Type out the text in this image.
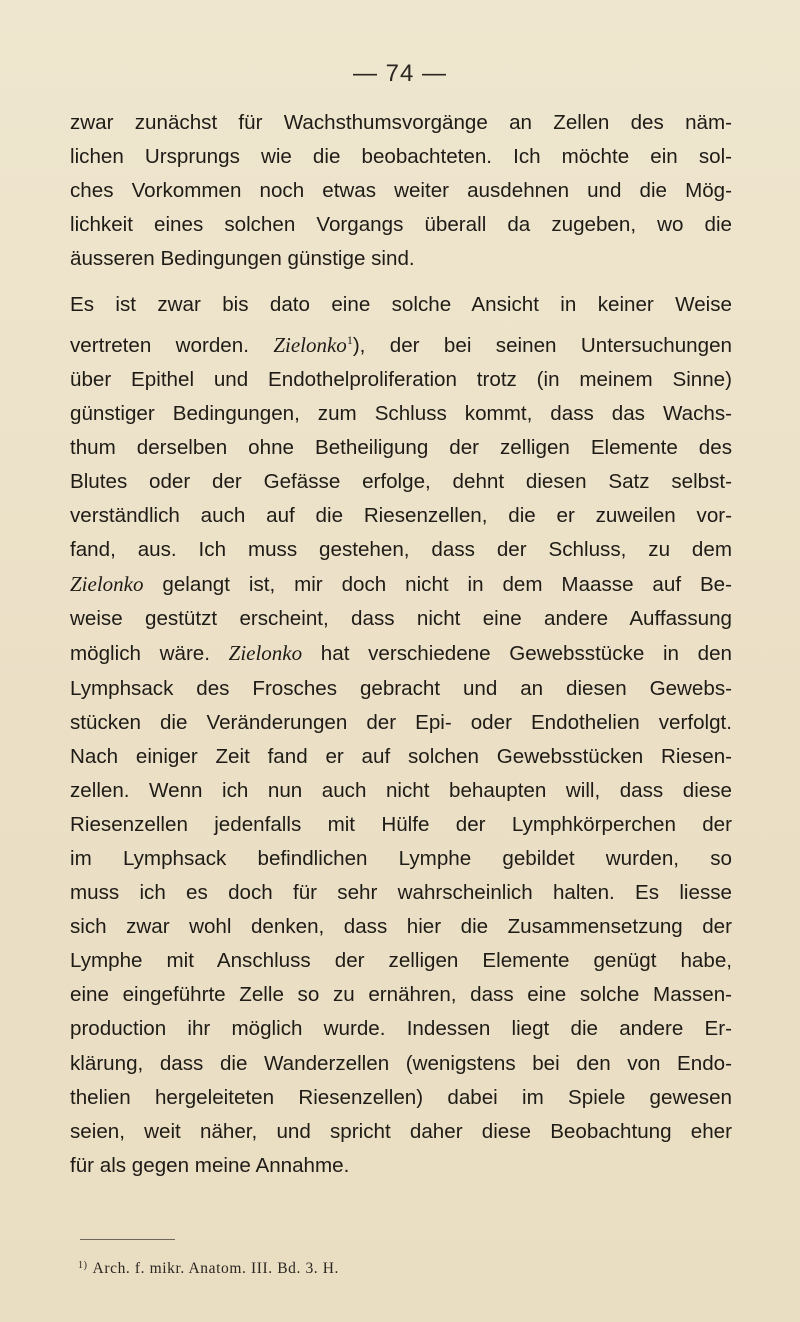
— 74 —

zwar zunächst für Wachsthumsvorgänge an Zellen des näm-
lichen Ursprungs wie die beobachteten. Ich möchte ein sol-
ches Vorkommen noch etwas weiter ausdehnen und die Mög-
lichkeit eines solchen Vorgangs überall da zugeben, wo die
äusseren Bedingungen günstige sind.

Es ist zwar bis dato eine solche Ansicht in keiner Weise
vertreten worden. Zielonko$^1$), der bei seinen Untersuchungen
über Epithel und Endothelproliferation trotz (in meinem Sinne)
günstiger Bedingungen, zum Schluss kommt, dass das Wachs-
thum derselben ohne Betheiligung der zelligen Elemente des
Blutes oder der Gefässe erfolge, dehnt diesen Satz selbst-
verständlich auch auf die Riesenzellen, die er zuweilen vor-
fand, aus. Ich muss gestehen, dass der Schluss, zu dem
Zielonko gelangt ist, mir doch nicht in dem Maasse auf Be-
weise gestützt erscheint, dass nicht eine andere Auffassung
möglich wäre. Zielonko hat verschiedene Gewebsstücke in den
Lymphsack des Frosches gebracht und an diesen Gewebs-
stücken die Veränderungen der Epi- oder Endothelien verfolgt.
Nach einiger Zeit fand er auf solchen Gewebsstücken Riesen-
zellen. Wenn ich nun auch nicht behaupten will, dass diese
Riesenzellen jedenfalls mit Hülfe der Lymphkörperchen der
im Lymphsack befindlichen Lymphe gebildet wurden, so
muss ich es doch für sehr wahrscheinlich halten. Es liesse
sich zwar wohl denken, dass hier die Zusammensetzung der
Lymphe mit Anschluss der zelligen Elemente genügt habe,
eine eingeführte Zelle so zu ernähren, dass eine solche Massen-
production ihr möglich wurde. Indessen liegt die andere Er-
klärung, dass die Wanderzellen (wenigstens bei den von Endo-
thelien hergeleiteten Riesenzellen) dabei im Spiele gewesen
seien, weit näher, und spricht daher diese Beobachtung eher
für als gegen meine Annahme.

$^{1)}$ Arch. f. mikr. Anatom. III. Bd. 3. H.
